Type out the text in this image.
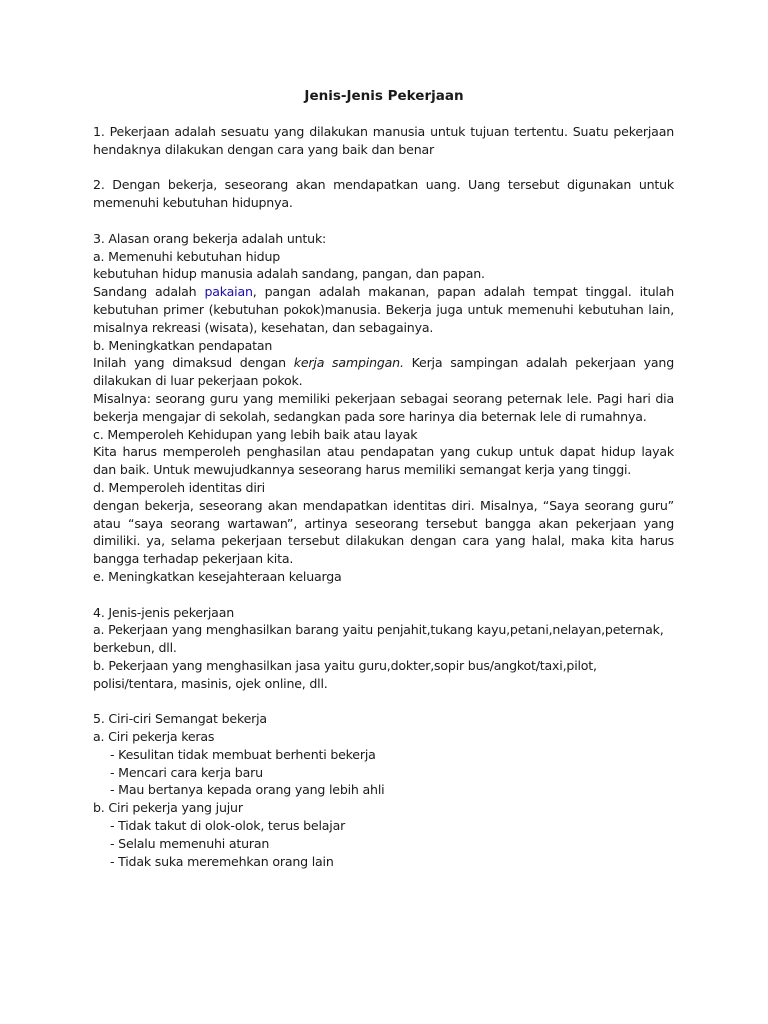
Jenis-Jenis Pekerjaan

1. Pekerjaan adalah sesuatu yang dilakukan manusia untuk tujuan tertentu. Suatu pekerjaan hendaknya dilakukan dengan cara yang baik dan benar

2. Dengan bekerja, seseorang akan mendapatkan uang. Uang tersebut digunakan untuk memenuhi kebutuhan hidupnya.

3. Alasan orang bekerja adalah untuk:

a. Memenuhi kebutuhan hidup

kebutuhan hidup manusia adalah sandang, pangan, dan papan.

Sandang adalah pakaian, pangan adalah makanan, papan adalah tempat tinggal. itulah kebutuhan primer (kebutuhan pokok)manusia. Bekerja juga untuk memenuhi kebutuhan lain, misalnya rekreasi (wisata), kesehatan, dan sebagainya.

b. Meningkatkan pendapatan

Inilah yang dimaksud dengan kerja sampingan. Kerja sampingan adalah pekerjaan yang dilakukan di luar pekerjaan pokok.

Misalnya: seorang guru yang memiliki pekerjaan sebagai seorang peternak lele. Pagi hari dia bekerja mengajar di sekolah, sedangkan pada sore harinya dia beternak lele di rumahnya.

c. Memperoleh Kehidupan yang lebih baik atau layak

Kita harus memperoleh penghasilan atau pendapatan yang cukup untuk dapat hidup layak dan baik. Untuk mewujudkannya seseorang harus memiliki semangat kerja yang tinggi.

d. Memperoleh identitas diri

dengan bekerja, seseorang akan mendapatkan identitas diri. Misalnya, “Saya seorang guru” atau “saya seorang wartawan”, artinya seseorang tersebut bangga akan pekerjaan yang dimiliki. ya, selama pekerjaan tersebut dilakukan dengan cara yang halal, maka kita harus bangga terhadap pekerjaan kita.

e. Meningkatkan kesejahteraan keluarga

4. Jenis-jenis pekerjaan

a. Pekerjaan yang menghasilkan barang yaitu penjahit,tukang kayu,petani,nelayan,peternak, berkebun, dll.

b. Pekerjaan yang menghasilkan jasa yaitu guru,dokter,sopir bus/angkot/taxi,pilot, polisi/tentara, masinis, ojek online, dll.

5. Ciri-ciri Semangat bekerja

a. Ciri pekerja keras

- Kesulitan tidak membuat berhenti bekerja

- Mencari cara kerja baru

- Mau bertanya kepada orang yang lebih ahli

b. Ciri pekerja yang jujur

- Tidak takut di olok-olok, terus belajar

- Selalu memenuhi aturan

- Tidak suka meremehkan orang lain
